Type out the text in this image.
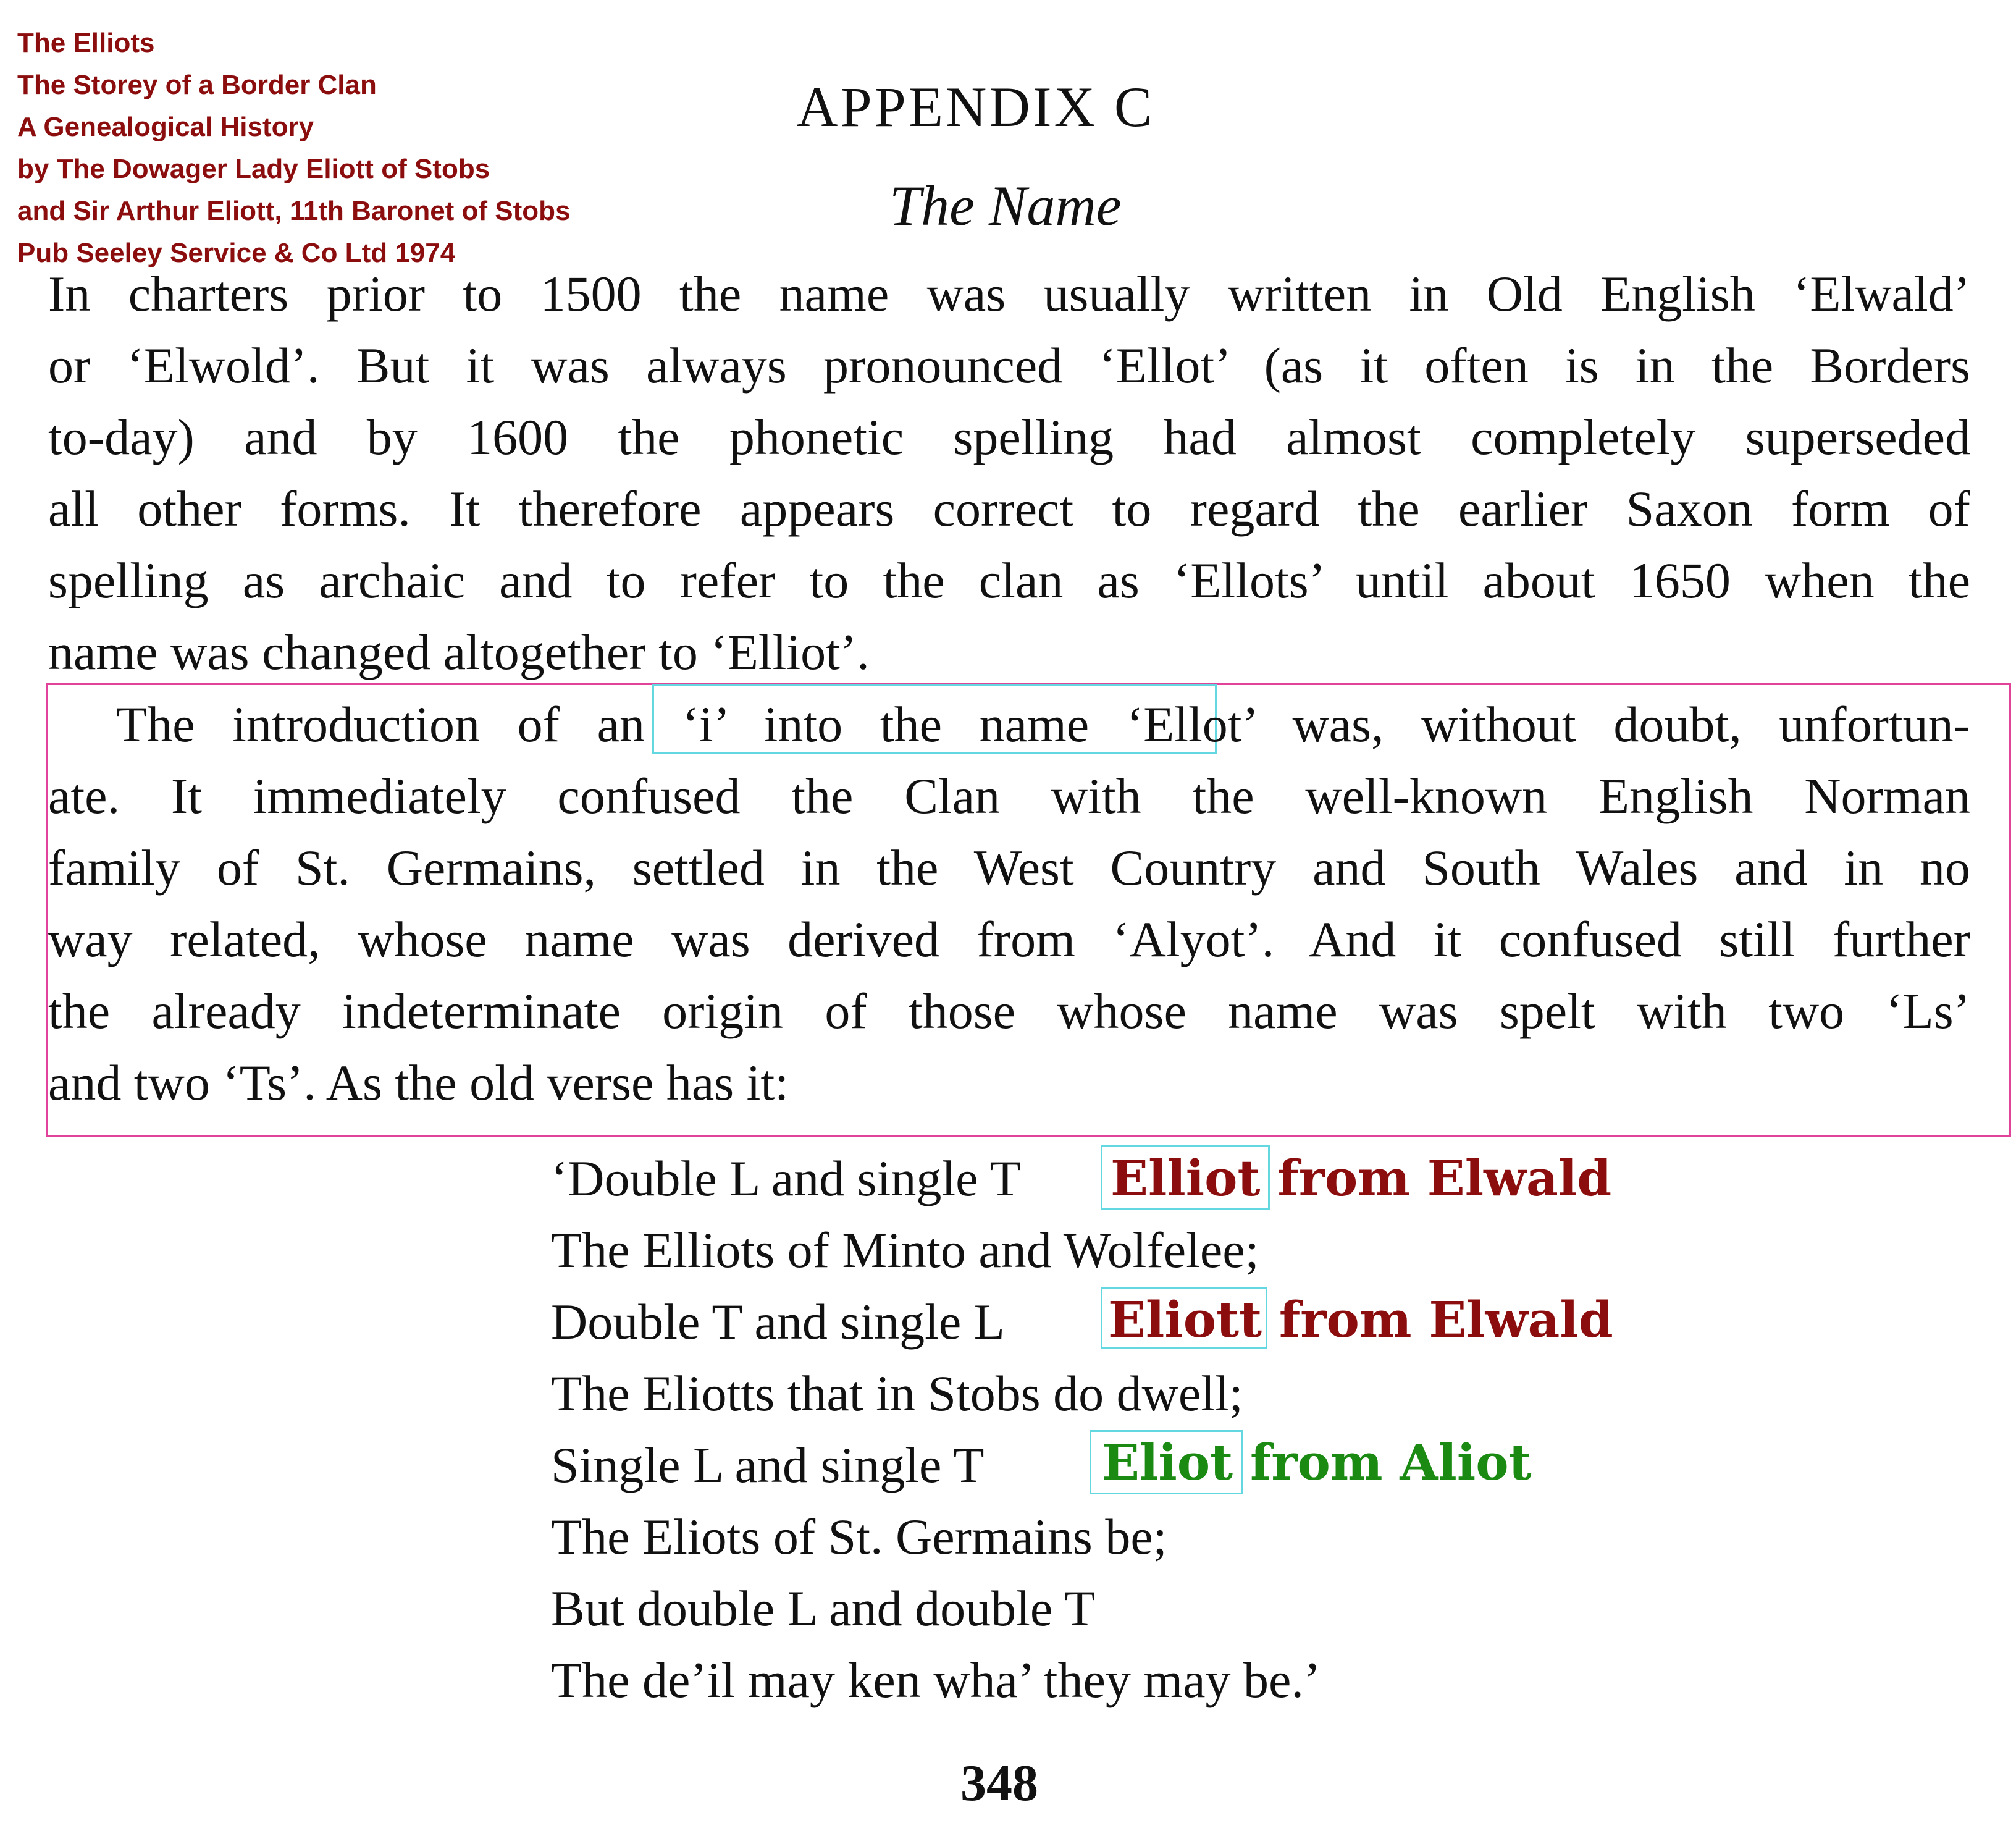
The Elliots
The Storey of a Border Clan
A Genealogical History
by The Dowager Lady Eliott of Stobs
and Sir Arthur Eliott, 11th Baronet of Stobs
Pub Seeley Service & Co Ltd 1974
APPENDIX C
The Name
In charters prior to 1500 the name was usually written in Old English ‘Elwald’
or ‘Elwold’. But it was always pronounced ‘Ellot’ (as it often is in the Borders
to-day) and by 1600 the phonetic spelling had almost completely superseded
all other forms. It therefore appears correct to regard the earlier Saxon form of
spelling as archaic and to refer to the clan as ‘Ellots’ until about 1650 when the
name was changed altogether to ‘Elliot’.
The introduction of an ‘i’ into the name ‘Ellot’ was, without doubt, unfortun-
ate. It immediately confused the Clan with the well-known English Norman
family of St. Germains, settled in the West Country and South Wales and in no
way related, whose name was derived from ‘Alyot’. And it confused still further
the already indeterminate origin of those whose name was spelt with two ‘Ls’
and two ‘Ts’. As the old verse has it:
‘Double L and single T
The Elliots of Minto and Wolfelee;
Double T and single L
The Eliotts that in Stobs do dwell;
Single L and single T
The Eliots of St. Germains be;
But double L and double T
The de’il may ken wha’ they may be.’
Elliot from Elwald
Eliott from Elwald
Eliot from Aliot
348
